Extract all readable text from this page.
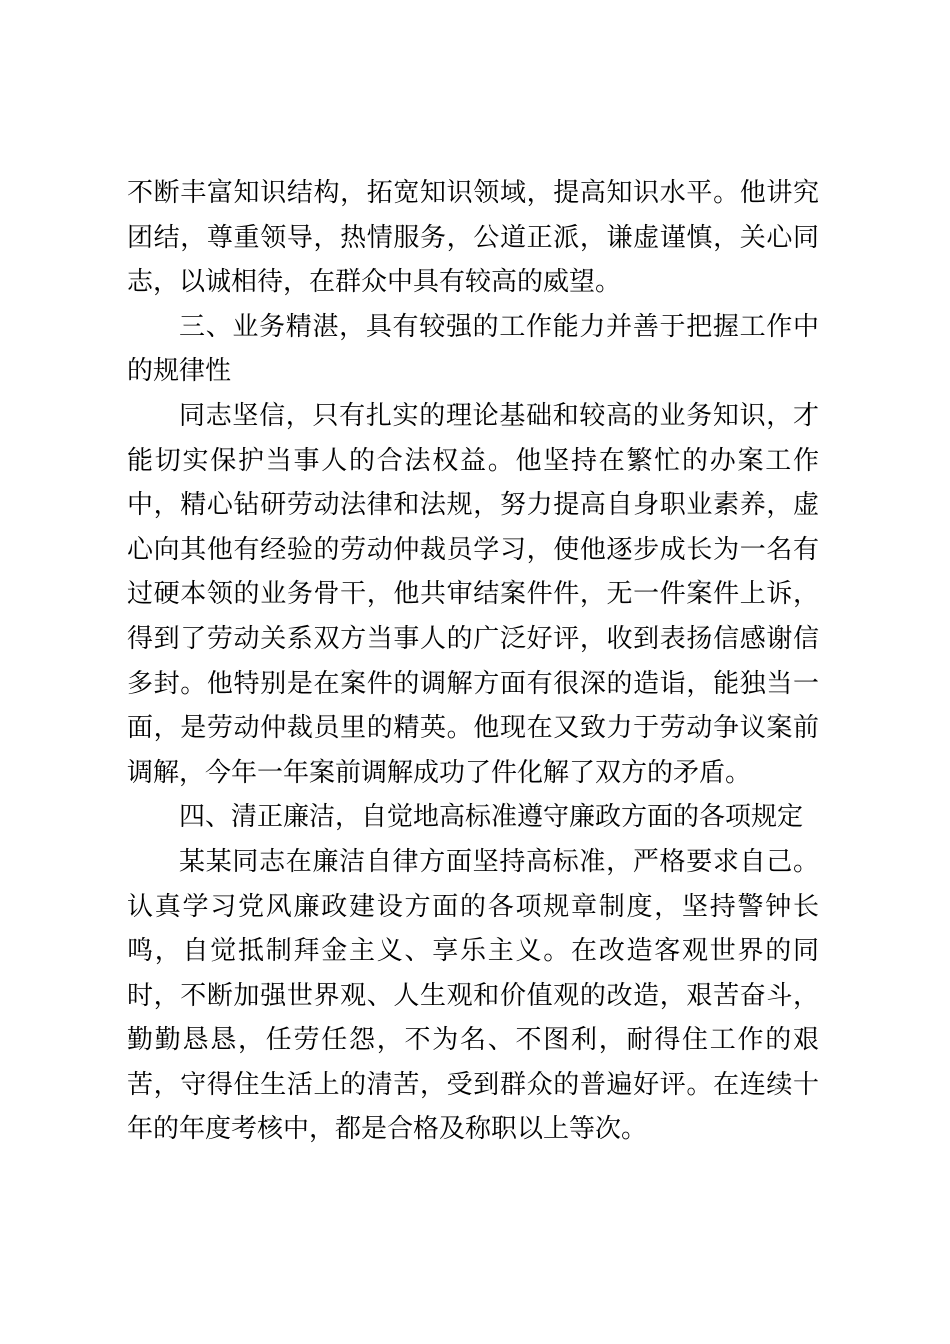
不断丰富知识结构，拓宽知识领域，提高知识水平。他讲究团结，尊重领导，热情服务，公道正派，谦虚谨慎，关心同志，以诚相待，在群众中具有较高的威望。

三、业务精湛，具有较强的工作能力并善于把握工作中的规律性

同志坚信，只有扎实的理论基础和较高的业务知识，才能切实保护当事人的合法权益。他坚持在繁忙的办案工作中，精心钻研劳动法律和法规，努力提高自身职业素养，虚心向其他有经验的劳动仲裁员学习，使他逐步成长为一名有过硬本领的业务骨干，他共审结案件件，无一件案件上诉，得到了劳动关系双方当事人的广泛好评，收到表扬信感谢信多封。他特别是在案件的调解方面有很深的造诣，能独当一面，是劳动仲裁员里的精英。他现在又致力于劳动争议案前调解，今年一年案前调解成功了件化解了双方的矛盾。

四、清正廉洁，自觉地高标准遵守廉政方面的各项规定

某某同志在廉洁自律方面坚持高标准，严格要求自己。认真学习党风廉政建设方面的各项规章制度，坚持警钟长鸣，自觉抵制拜金主义、享乐主义。在改造客观世界的同时，不断加强世界观、人生观和价值观的改造，艰苦奋斗，勤勤恳恳，任劳任怨，不为名、不图利，耐得住工作的艰苦，守得住生活上的清苦，受到群众的普遍好评。在连续十年的年度考核中，都是合格及称职以上等次。
